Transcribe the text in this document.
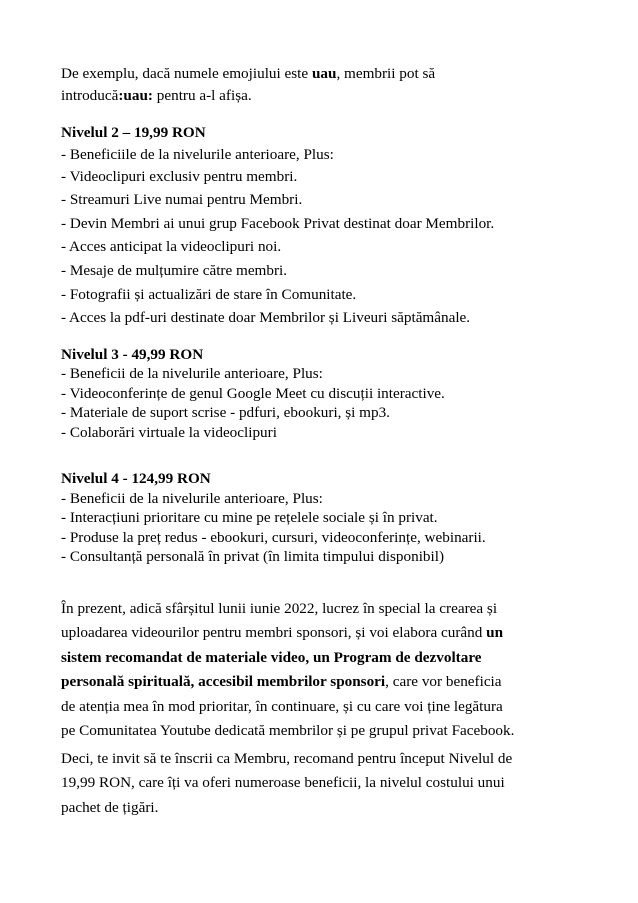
De exemplu, dacă numele emojiului este uau, membrii pot să
introducă:uau: pentru a-l afișa.
Nivelul 2 – 19,99 RON
- Beneficiile de la nivelurile anterioare, Plus:
- Videoclipuri exclusiv pentru membri.
- Streamuri Live numai pentru Membri.
- Devin Membri ai unui grup Facebook Privat destinat doar Membrilor.
- Acces anticipat la videoclipuri noi.
- Mesaje de mulțumire către membri.
- Fotografii și actualizări de stare în Comunitate.
- Acces la pdf-uri destinate doar Membrilor și Liveuri săptămânale.
Nivelul 3 - 49,99 RON
- Beneficii de la nivelurile anterioare, Plus:
- Videoconferințe de genul Google Meet cu discuții interactive.
- Materiale de suport scrise - pdfuri, ebookuri, și mp3.
- Colaborări virtuale la videoclipuri
Nivelul 4 - 124,99 RON
- Beneficii de la nivelurile anterioare, Plus:
- Interacțiuni prioritare cu mine pe rețelele sociale și în privat.
- Produse la preț redus - ebookuri, cursuri, videoconferințe, webinarii.
- Consultanță personală în privat (în limita timpului disponibil)
În prezent, adică sfârșitul lunii iunie 2022, lucrez în special la crearea și
uploadarea videourilor pentru membri sponsori, și voi elabora curând un
sistem recomandat de materiale video, un Program de dezvoltare
personală spirituală, accesibil membrilor sponsori, care vor beneficia
de atenția mea în mod prioritar, în continuare, și cu care voi ține legătura
pe Comunitatea Youtube dedicată membrilor și pe grupul privat Facebook.
Deci, te invit să te înscrii ca Membru, recomand pentru început Nivelul de
19,99 RON, care îți va oferi numeroase beneficii, la nivelul costului unui
pachet de țigări.
